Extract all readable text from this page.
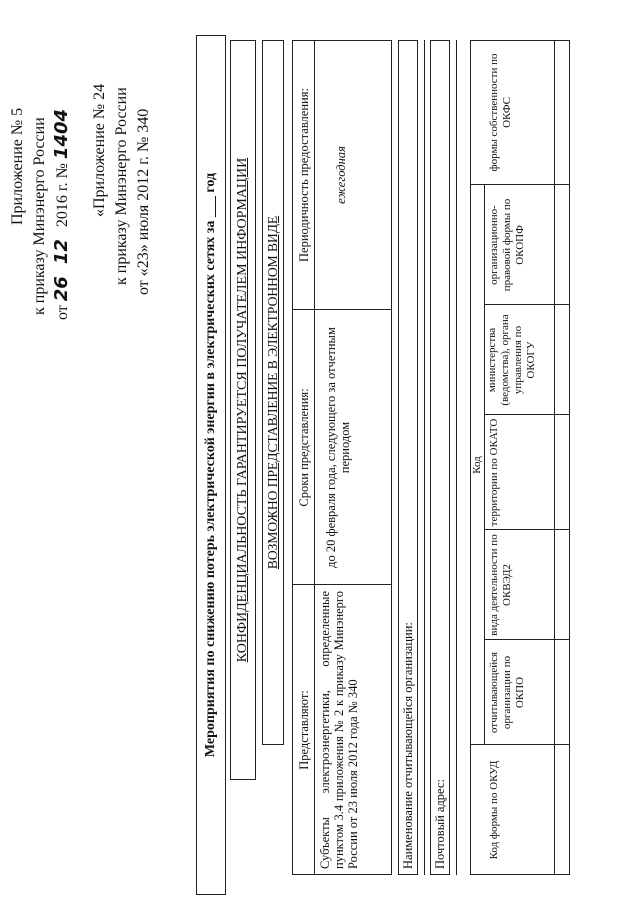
Приложение № 5 к приказу Минэнерго России от 26 12 2016 г. № 1404 «Приложение № 24 к приказу Минэнерго России от «23» июля 2012 г. № 340	Мероприятия по снижению потерь электрической энергии в электрических сетях за ___ год КОНФИДЕНЦИАЛЬНОСТЬ ГАРАНТИРУЕТСЯ ПОЛУЧАТЕЛЕМ ИНФОРМАЦИИ ВОЗМОЖНО ПРЕДСТАВЛЕНИЕ В ЭЛЕКТРОННОМ ВИДЕ
Представляют:
Сроки представления:
Периодичность предоставления:
Субъекты электроэнергетики, определенные пунктом 3.4 приложения № 2 к приказу Минэнерго России от 23 июля 2012 года № 340
до 20 февраля года, следующего за отчетным периодом
ежегодная
Наименование отчитывающейся организации: Почтовый адрес:
Код
Код формы по ОКУД
отчитывающейся организации по ОКПО
вида деятельности по ОКВЭД2
территории по ОКАТО
министерства (ведомства), органа управления по ОКОГУ
организационно-правовой формы по ОКОПФ
формы собственности по ОКФС
